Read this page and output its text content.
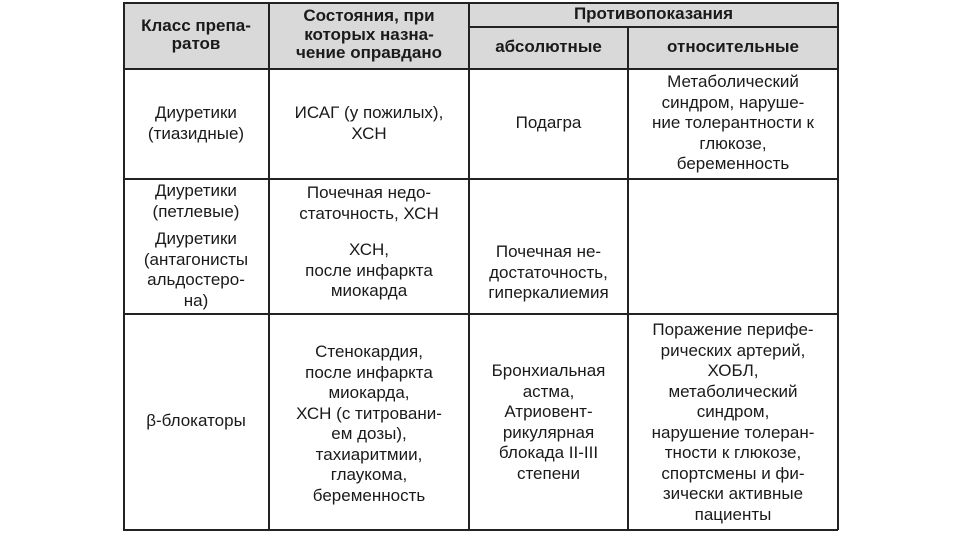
Класс препа-
ратов
Состояния, при
которых назна-
чение оправдано
Противопоказания
абсолютные	относительные
Диуретики
(тиазидные)
ИСАГ (у пожилых),
ХСН
Подагра
Метаболический
синдром, наруше-
ние толерантности к
глюкозе,
беременность
Диуретики
(петлевые)
Диуретики
(антагонисты
альдостеро-
на)
Почечная недо-
статочность, ХСН
ХСН,
после инфаркта
миокарда
Почечная не-
достаточность,
гиперкалиемия
β-блокаторы
Стенокардия,
после инфаркта
миокарда,
ХСН (с титровани-
ем дозы),
тахиаритмии,
глаукома,
беременность
Бронхиальная
астма,
Атриовент-
рикулярная
блокада II-III
степени
Поражение перифе-
рических артерий,
ХОБЛ,
метаболический
синдром,
нарушение толеран-
тности к глюкозе,
спортсмены и фи-
зически активные
пациенты
